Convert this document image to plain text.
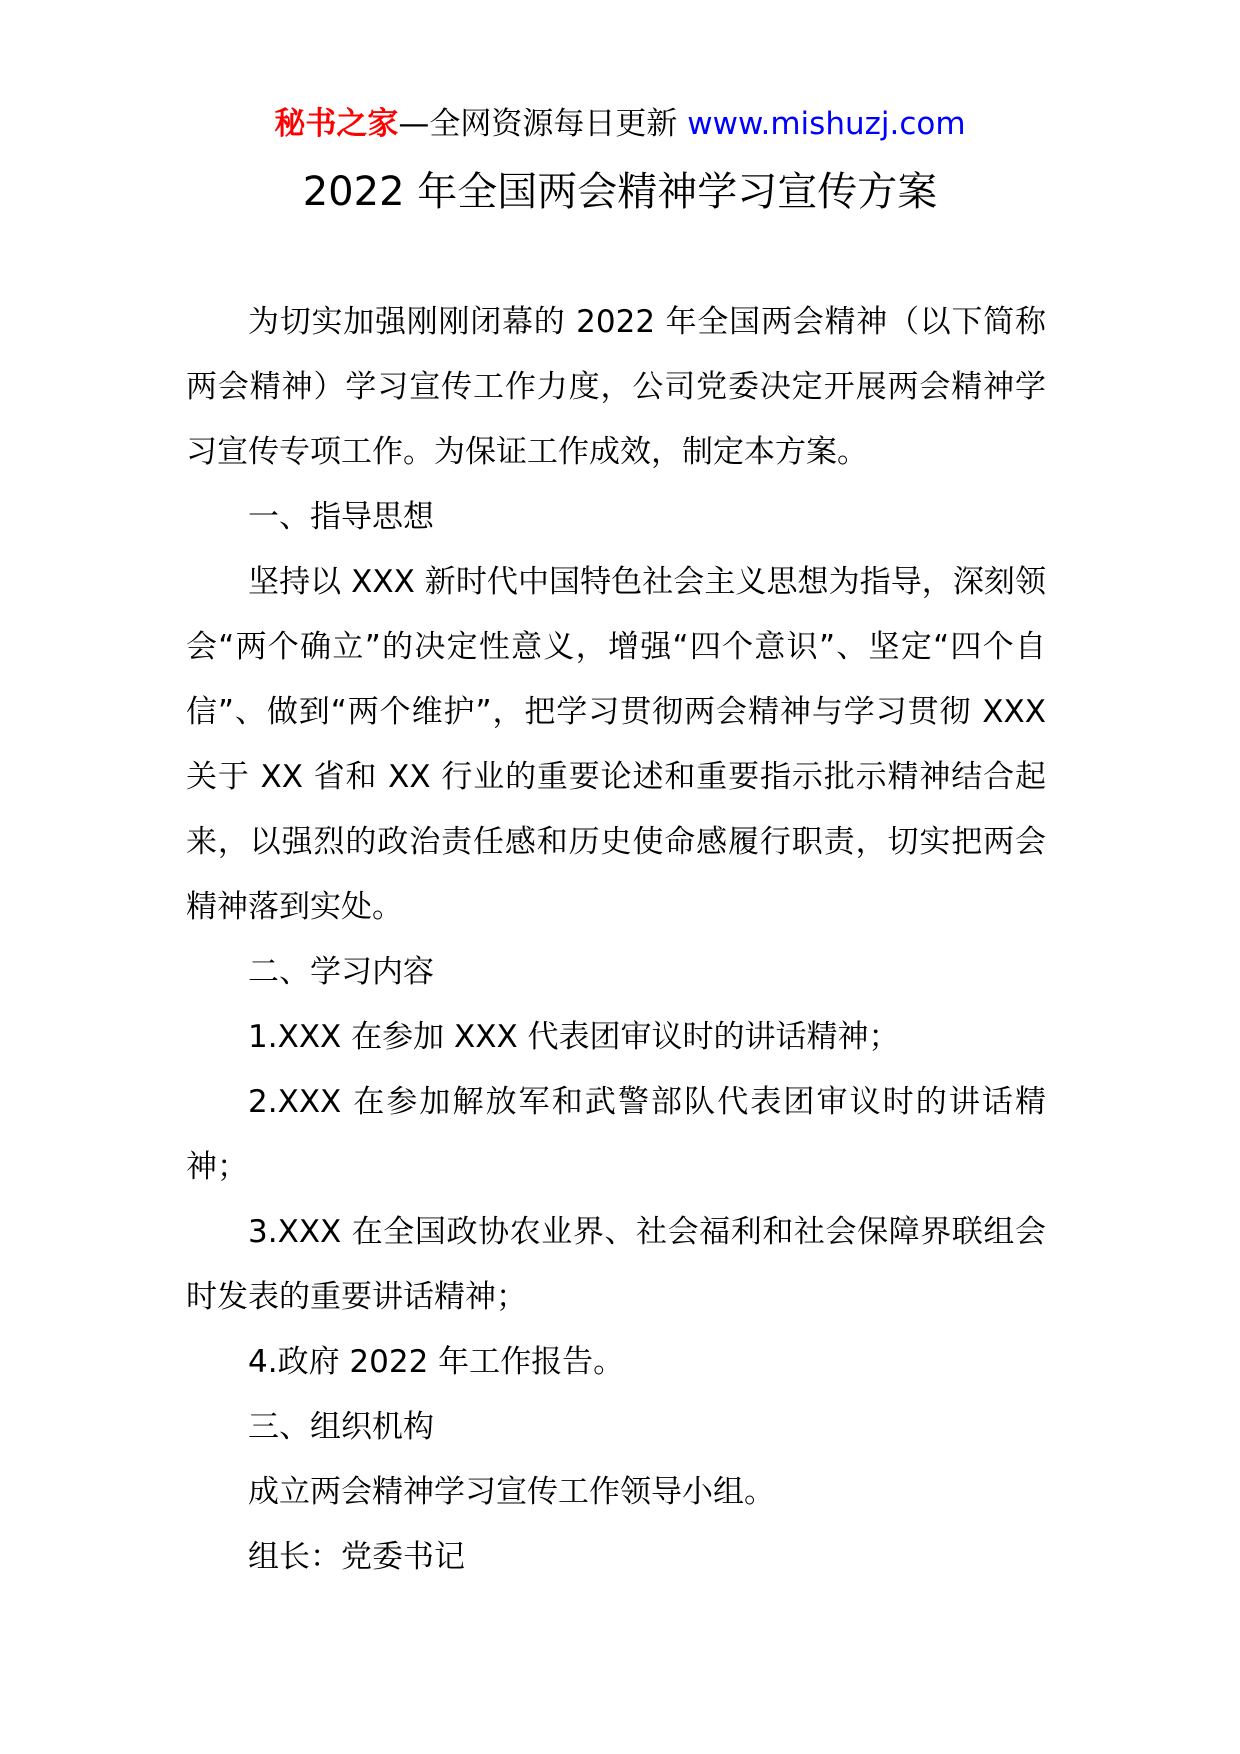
秘书之家—全网资源每日更新 www.mishuzj.com
2022 年全国两会精神学习宣传方案

为切实加强刚刚闭幕的 2022 年全国两会精神（以下简称两会精神）学习宣传工作力度，公司党委决定开展两会精神学习宣传专项工作。为保证工作成效，制定本方案。

一、指导思想

坚持以 XXX 新时代中国特色社会主义思想为指导，深刻领会“两个确立”的决定性意义，增强“四个意识”、坚定“四个自信”、做到“两个维护”，把学习贯彻两会精神与学习贯彻 XXX 关于 XX 省和 XX 行业的重要论述和重要指示批示精神结合起来，以强烈的政治责任感和历史使命感履行职责，切实把两会精神落到实处。

二、学习内容

1.XXX 在参加 XXX 代表团审议时的讲话精神；

2.XXX 在参加解放军和武警部队代表团审议时的讲话精神；

3.XXX 在全国政协农业界、社会福利和社会保障界联组会时发表的重要讲话精神；

4.政府 2022 年工作报告。

三、组织机构

成立两会精神学习宣传工作领导小组。

组长：党委书记
